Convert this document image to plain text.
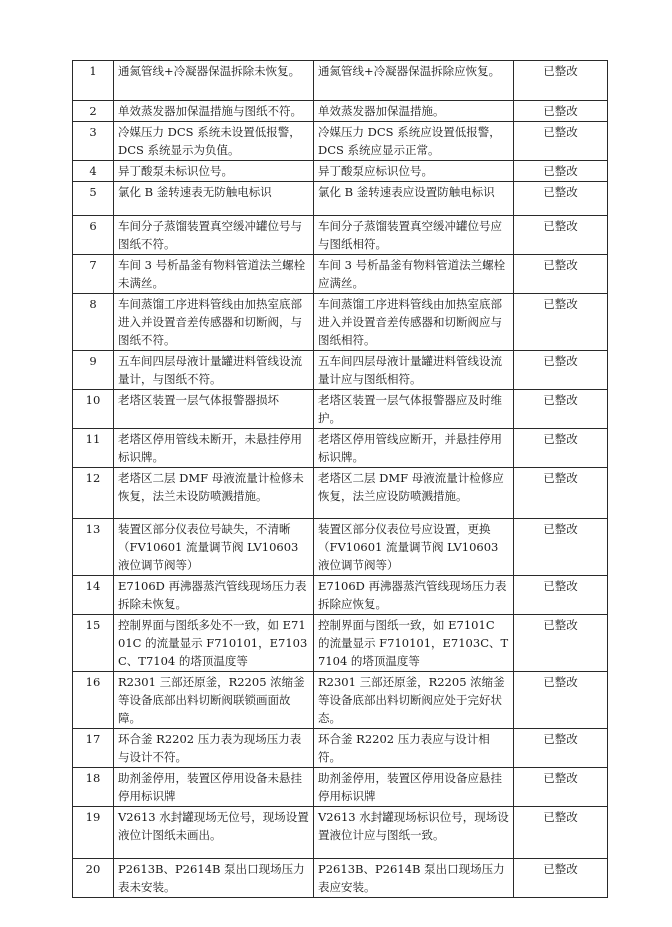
1	通氮管线+冷凝器保温拆除未恢复。	通氮管线+冷凝器保温拆除应恢复。	已整改
2	单效蒸发器加保温措施与图纸不符。	单效蒸发器加保温措施。	已整改
3	冷媒压力 DCS 系统未设置低报警，DCS 系统显示为负值。	冷媒压力 DCS 系统应设置低报警，DCS 系统应显示正常。	已整改
4	异丁酸泵未标识位号。	异丁酸泵应标识位号。	已整改
5	氯化 B 釜转速表无防触电标识	氯化 B 釜转速表应设置防触电标识	已整改
6	车间分子蒸馏装置真空缓冲罐位号与图纸不符。	车间分子蒸馏装置真空缓冲罐位号应与图纸相符。	已整改
7	车间 3 号析晶釜有物料管道法兰螺栓未满丝。	车间 3 号析晶釜有物料管道法兰螺栓应满丝。	已整改
8	车间蒸馏工序进料管线由加热室底部进入并设置音差传感器和切断阀，与图纸不符。	车间蒸馏工序进料管线由加热室底部进入并设置音差传感器和切断阀应与图纸相符。	已整改
9	五车间四层母液计量罐进料管线设流量计，与图纸不符。	五车间四层母液计量罐进料管线设流量计应与图纸相符。	已整改
10	老塔区装置一层气体报警器损坏	老塔区装置一层气体报警器应及时维护。	已整改
11	老塔区停用管线未断开，未悬挂停用标识牌。	老塔区停用管线应断开，并悬挂停用标识牌。	已整改
12	老塔区二层 DMF 母液流量计检修未恢复，法兰未设防喷溅措施。	老塔区二层 DMF 母液流量计检修应恢复，法兰应设防喷溅措施。	已整改
13	装置区部分仪表位号缺失，不清晰（FV10601 流量调节阀 LV10603 液位调节阀等）	装置区部分仪表位号应设置，更换（FV10601 流量调节阀 LV10603 液位调节阀等）	已整改
14	E7106D 再沸器蒸汽管线现场压力表拆除未恢复。	E7106D 再沸器蒸汽管线现场压力表拆除应恢复。	已整改
15	控制界面与图纸多处不一致，如 E7101C 的流量显示 F710101，E7103C、T7104 的塔顶温度等	控制界面与图纸一致，如 E7101C 的流量显示 F710101，E7103C、T7104 的塔顶温度等	已整改
16	R2301 三部还原釜，R2205 浓缩釜等设备底部出料切断阀联锁画面故障。	R2301 三部还原釜，R2205 浓缩釜等设备底部出料切断阀应处于完好状态。	已整改
17	环合釜 R2202 压力表为现场压力表与设计不符。	环合釜 R2202 压力表应与设计相符。	已整改
18	助剂釜停用，装置区停用设备未悬挂停用标识牌	助剂釜停用，装置区停用设备应悬挂停用标识牌	已整改
19	V2613 水封罐现场无位号，现场设置液位计图纸未画出。	V2613 水封罐现场标识位号，现场设置液位计应与图纸一致。	已整改
20	P2613B、P2614B 泵出口现场压力表未安装。	P2613B、P2614B 泵出口现场压力表应安装。	已整改
